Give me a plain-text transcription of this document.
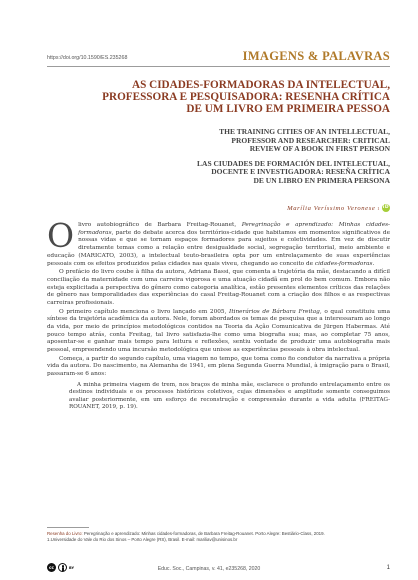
https://doi.org/10.1590/ES.235268	IMAGENS & PALAVRAS

AS CIDADES-FORMADORAS DA INTELECTUAL,

PROFESSORA E PESQUISADORA: RESENHA CRÍTICA

DE UM LIVRO EM PRIMEIRA PESSOA

THE TRAINING CITIES OF AN INTELLECTUAL,

PROFESSOR AND RESEARCHER: CRITICAL

REVIEW OF A BOOK IN FIRST PERSON

LAS CIUDADES DE FORMACIÓN DEL INTELECTUAL,

DOCENTE E INVESTIGADORA: RESEÑA CRÍTICA

DE UN LIBRO EN PRIMERA PERSONA

Marília Veríssimo Veronese 1 iD

Olivro autobiográfico de Barbara Freitag-Rouanet, Peregrinação e aprendizado: Minhas cidades-formadoras, parte do debate acerca dos territórios-cidade que habitamos em momentos significativos de nossas vidas e que se tornam espaços formadores para sujeitos e coletividades. Em vez de discutir diretamente temas como a relação entre desigualdade social, segregação territorial, meio ambiente e educação (MARICATO, 2003), a intelectual teuto-brasileira opta por um entrelaçamento de suas experiências pessoais com os efeitos produzidos pelas cidades nas quais viveu, chegando ao conceito de cidades-formadoras.

O prefácio do livro coube à filha da autora, Adriana Bassi, que comenta a trajetória da mãe, destacando a difícil conciliação da maternidade com uma carreira vigorosa e uma atuação cidadã em prol do bem comum. Embora não esteja explicitada a perspectiva do gênero como categoria analítica, estão presentes elementos críticos das relações de gênero nas temporalidades das experiências do casal Freitag-Rouanet com a criação dos filhos e as respectivas carreiras profissionais.

O primeiro capítulo menciona o livro lançado em 2005, Itinerários de Bárbara Freitag, o qual constituiu uma síntese da trajetória acadêmica da autora. Nele, foram abordados os temas de pesquisa que a interessaram ao longo da vida, por meio de princípios metodológicos contidos na Teoria da Ação Comunicativa de Jürgen Habermas. Até pouco tempo atrás, conta Freitag, tal livro satisfazia-lhe como uma biografia sua; mas, ao completar 75 anos, aposentar-se e ganhar mais tempo para leitura e reflexões, sentiu vontade de produzir uma autobiografia mais pessoal, empreendendo uma incursão metodológica que unisse as experiências pessoais à obra intelectual.

Começa, a partir do segundo capítulo, uma viagem no tempo, que toma como fio condutor da narrativa a própria vida da autora. Do nascimento, na Alemanha de 1941, em plena Segunda Guerra Mundial, à imigração para o Brasil, passaram-se 6 anos:

A minha primeira viagem de trem, nos braços de minha mãe, esclarece o profundo entrelaçamento entre os destinos individuais e os processos históricos coletivos, cujas dimensões e amplitude somente conseguimos avaliar posteriormente, em um esforço de reconstrução e compreensão durante a vida adulta (FREITAG-ROUANET, 2019, p. 19).

Resenha do Livro: Peregrinação e aprendizado: Minhas cidades-formadoras, de Barbara Freitag-Rouanet. Porto Alegre: Bestiário-Class, 2019.
1.Universidade do Vale do Rio dos Sinos – Porto Alegre (RS), Brasil. E-mail: mariliav@unisinos.br
cc	BY	Educ. Soc., Campinas, v. 41, e235268, 2020	1
